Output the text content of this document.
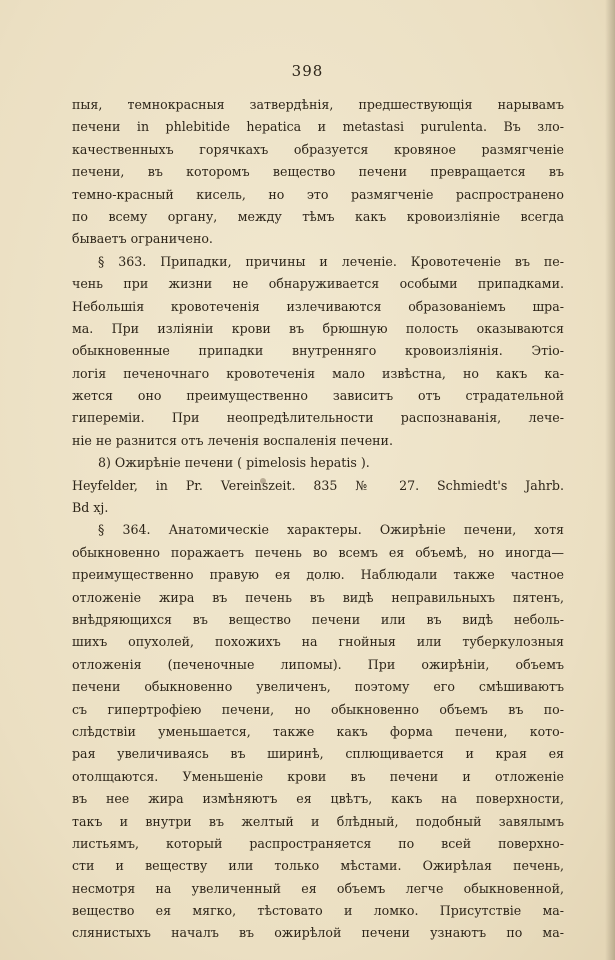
398
пыя, темнокрасныя затвердѣнія, предшествующія нарывамъ
печени in phlebitide hepatica и metastasi purulenta. Въ зло-
качественныхъ горячкахъ образуется кровяное размягченіе
печени, въ которомъ вещество печени превращается въ
темно-красный кисель, но это размягченіе распространено
по всему органу, между тѣмъ какъ кровоизліяніе всегда
бываетъ ограничено.
§ 363. Припадки, причины и леченіе. Кровотеченіе въ пе-
чень при жизни не обнаруживается особыми припадками.
Небольшія кровотеченія излечиваются образованіемъ шра-
ма. При изліяніи крови въ брюшную полость оказываются
обыкновенные припадки внутренняго кровоизліянія. Этіо-
логія печеночнаго кровотеченія мало извѣстна, но какъ ка-
жется оно преимущественно зависитъ отъ страдательной
гипереміи. При неопредѣлительности распознаванія, лече-
ніе не разнится отъ леченія воспаленія печени.
8) Ожирѣніе печени ( pimelosis hepatis ).
Heyfelder, in Pr. Vereinszeit. 835 № 27. Schmiedt's Jahrb.
Bd xj.
§ 364. Анатомическіе характеры. Ожирѣніе печени, хотя
обыкновенно поражаетъ печень во всемъ ея объемѣ, но иногда—
преимущественно правую ея долю. Наблюдали также частное
отложеніе жира въ печень въ видѣ неправильныхъ пятенъ,
внѣдряющихся въ вещество печени или въ видѣ неболь-
шихъ опухолей, похожихъ на гнойныя или туберкулозныя
отложенія (печеночные липомы). При ожирѣніи, объемъ
печени обыкновенно увеличенъ, поэтому его смѣшиваютъ
съ гипертрофіею печени, но обыкновенно объемъ въ по-
слѣдствіи уменьшается, также какъ форма печени, кото-
рая увеличиваясь въ ширинѣ, сплющивается и края ея
отолщаются. Уменьшеніе крови въ печени и отложеніе
въ нее жира измѣняютъ ея цвѣтъ, какъ на поверхности,
такъ и внутри въ желтый и блѣдный, подобный завялымъ
листьямъ, который распространяется по всей поверхно-
сти и веществу или только мѣстами. Ожирѣлая печень,
несмотря на увеличенный ея объемъ легче обыкновенной,
вещество ея мягко, тѣстовато и ломко. Присутствіе ма-
слянистыхъ началъ въ ожирѣлой печени узнаютъ по ма-
